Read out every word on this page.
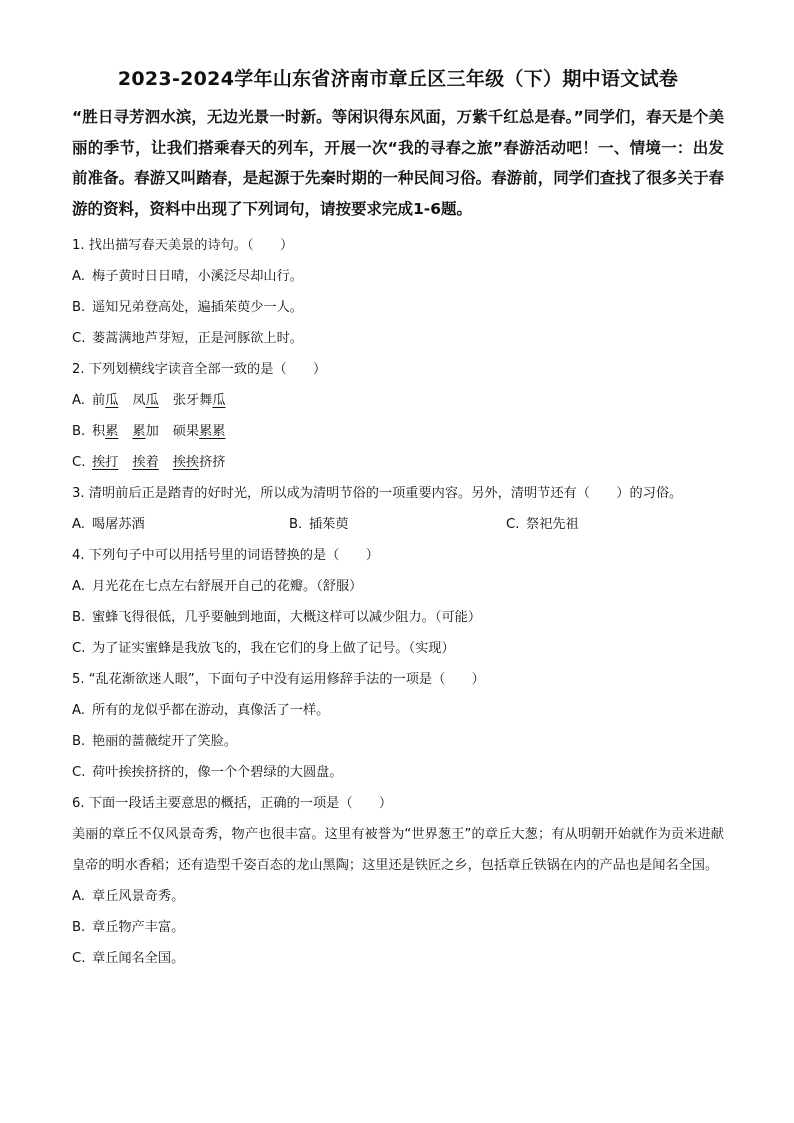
2023-2024学年山东省济南市章丘区三年级（下）期中语文试卷

“胜日寻芳泗水滨，无边光景一时新。等闲识得东风面，万紫千红总是春。”同学们，春天是个美丽的季节，让我们搭乘春天的列车，开展一次“我的寻春之旅”春游活动吧！一、情境一：出发前准备。春游又叫踏春，是起源于先秦时期的一种民间习俗。春游前，同学们查找了很多关于春游的资料，资料中出现了下列词句，请按要求完成1-6题。

1. 找出描写春天美景的诗句。（　　）

A. 梅子黄时日日晴，小溪泛尽却山行。

B. 遥知兄弟登高处，遍插茱萸少一人。

C. 蒌蒿满地芦芽短，正是河豚欲上时。

2. 下列划横线字读音全部一致的是（　　）

A. 前瓜 凤瓜 张牙舞瓜

B. 积累 累加 硕果累累

C. 挨打 挨着 挨挨挤挤

3. 清明前后正是踏青的好时光，所以成为清明节俗的一项重要内容。另外，清明节还有（　　）的习俗。

A. 喝屠苏酒	B. 插茱萸	C. 祭祀先祖

4. 下列句子中可以用括号里的词语替换的是（　　）

A. 月光花在七点左右舒展开自己的花瓣。（舒服）

B. 蜜蜂飞得很低，几乎要触到地面，大概这样可以减少阻力。（可能）

C. 为了证实蜜蜂是我放飞的，我在它们的身上做了记号。（实现）

5. “乱花渐欲迷人眼”，下面句子中没有运用修辞手法的一项是（　　）

A. 所有的龙似乎都在游动，真像活了一样。

B. 艳丽的蔷薇绽开了笑脸。

C. 荷叶挨挨挤挤的，像一个个碧绿的大圆盘。

6. 下面一段话主要意思的概括，正确的一项是（　　）

美丽的章丘不仅风景奇秀，物产也很丰富。这里有被誉为“世界葱王”的章丘大葱；有从明朝开始就作为贡米进献皇帝的明水香稻；还有造型千姿百态的龙山黑陶；这里还是铁匠之乡，包括章丘铁锅在内的产品也是闻名全国。

A. 章丘风景奇秀。

B. 章丘物产丰富。

C. 章丘闻名全国。
